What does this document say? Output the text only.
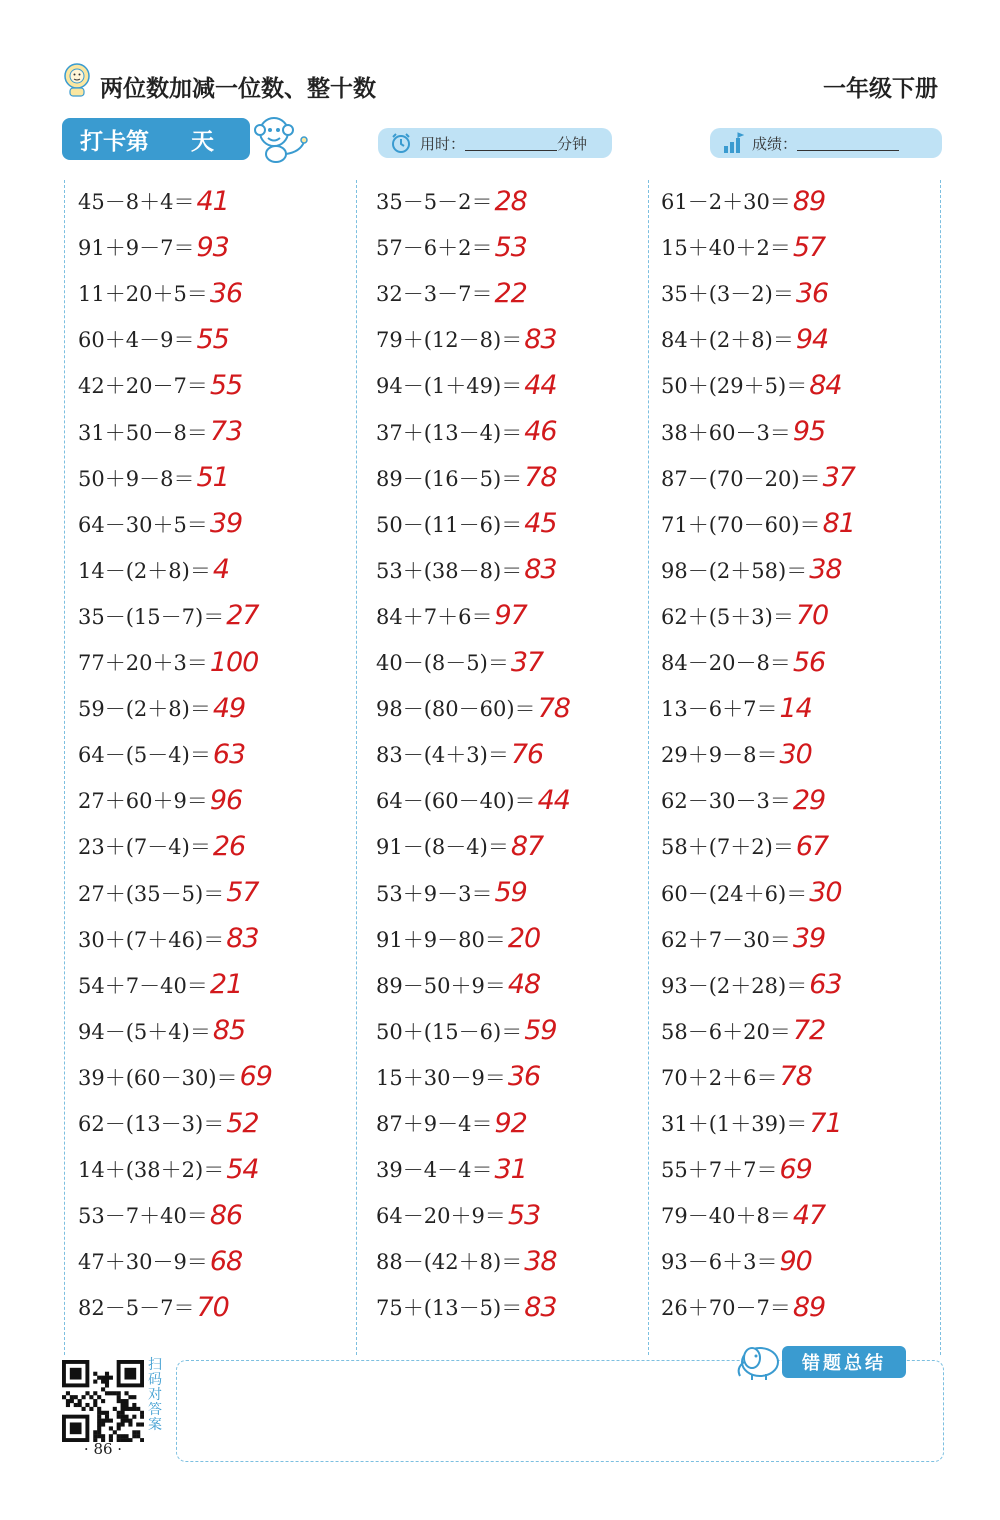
两位数加减一位数、整十数	一年级下册
打卡第 天	用时：	分钟	成绩：
45－8＋4＝ 41
91＋9－7＝ 93
11＋20＋5＝ 36
60＋4－9＝ 55
42＋20－7＝ 55
31＋50－8＝ 73
50＋9－8＝ 51
64－30＋5＝ 39
14－(2＋8)＝ 4
35－(15－7)＝ 27
77＋20＋3＝ 100
59－(2＋8)＝ 49
64－(5－4)＝ 63
27＋60＋9＝ 96
23＋(7－4)＝ 26
27＋(35－5)＝ 57
30＋(7＋46)＝ 83
54＋7－40＝ 21
94－(5＋4)＝ 85
39＋(60－30)＝ 69
62－(13－3)＝ 52
14＋(38＋2)＝ 54
53－7＋40＝ 86
47＋30－9＝ 68
82－5－7＝ 70
35－5－2＝ 28
57－6＋2＝ 53
32－3－7＝ 22
79＋(12－8)＝ 83
94－(1＋49)＝ 44
37＋(13－4)＝ 46
89－(16－5)＝ 78
50－(11－6)＝ 45
53＋(38－8)＝ 83
84＋7＋6＝ 97
40－(8－5)＝ 37
98－(80－60)＝ 78
83－(4＋3)＝ 76
64－(60－40)＝ 44
91－(8－4)＝ 87
53＋9－3＝ 59
91＋9－80＝ 20
89－50＋9＝ 48
50＋(15－6)＝ 59
15＋30－9＝ 36
87＋9－4＝ 92
39－4－4＝ 31
64－20＋9＝ 53
88－(42＋8)＝ 38
75＋(13－5)＝ 83
61－2＋30＝ 89
15＋40＋2＝ 57
35＋(3－2)＝ 36
84＋(2＋8)＝ 94
50＋(29＋5)＝ 84
38＋60－3＝ 95
87－(70－20)＝ 37
71＋(70－60)＝ 81
98－(2＋58)＝ 38
62＋(5＋3)＝ 70
84－20－8＝ 56
13－6＋7＝ 14
29＋9－8＝ 30
62－30－3＝ 29
58＋(7＋2)＝ 67
60－(24＋6)＝ 30
62＋7－30＝ 39
93－(2＋28)＝ 63
58－6＋20＝ 72
70＋2＋6＝ 78
31＋(1＋39)＝ 71
55＋7＋7＝ 69
79－40＋8＝ 47
93－6＋3＝ 90
26＋70－7＝ 89
扫码对答案
· 86 ·
错题总结
